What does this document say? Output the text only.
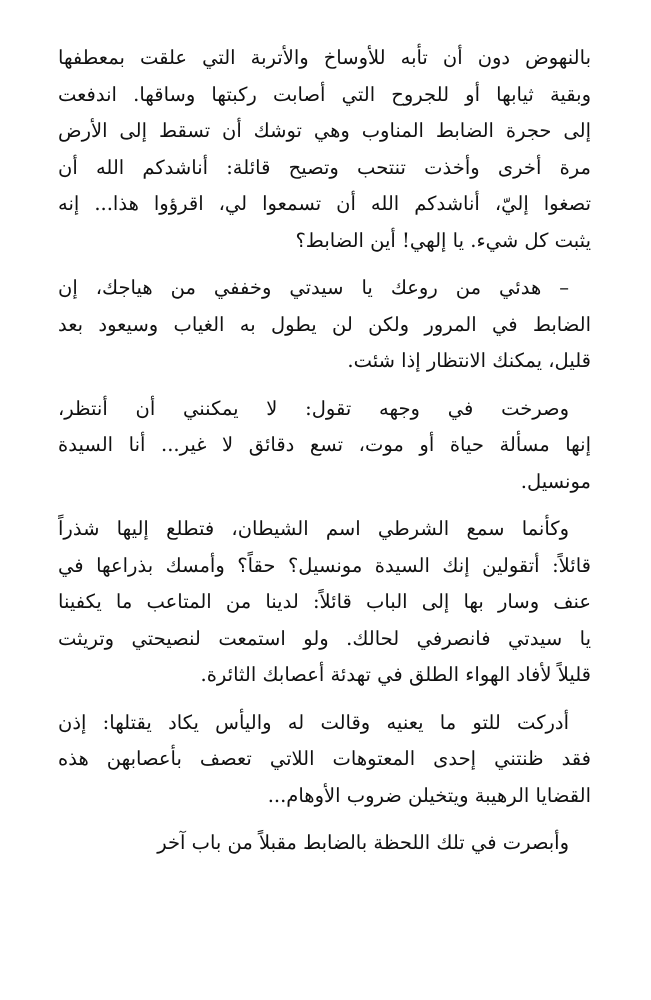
بالنهوض دون أن تأبه للأوساخ والأتربة التي علقت بمعطفها
وبقية ثيابها أو للجروح التي أصابت ركبتها وساقها. اندفعت
إلى حجرة الضابط المناوب وهي توشك أن تسقط إلى الأرض
مرة أخرى وأخذت تنتحب وتصيح قائلة: أناشدكم الله أن
تصغوا إليّ، أناشدكم الله أن تسمعوا لي، اقرؤوا هذا... إنه
يثبت كل شيء. يا إلهي! أين الضابط؟
– هدئي من روعك يا سيدتي وخففي من هياجك، إن
الضابط في المرور ولكن لن يطول به الغياب وسيعود بعد
قليل، يمكنك الانتظار إذا شئت.
وصرخت في وجهه تقول: لا يمكنني أن أنتظر،
إنها مسألة حياة أو موت، تسع دقائق لا غير... أنا السيدة
مونسيل.
وكأنما سمع الشرطي اسم الشيطان، فتطلع إليها شذراً
قائلاً: أتقولين إنك السيدة مونسيل؟ حقاً؟ وأمسك بذراعها في
عنف وسار بها إلى الباب قائلاً: لدينا من المتاعب ما يكفينا
يا سيدتي فانصرفي لحالك. ولو استمعت لنصيحتي وتريثت
قليلاً لأفاد الهواء الطلق في تهدئة أعصابك الثائرة.
أدركت للتو ما يعنيه وقالت له واليأس يكاد يقتلها: إذن
فقد ظنتني إحدى المعتوهات اللاتي تعصف بأعصابهن هذه
القضايا الرهيبة ويتخيلن ضروب الأوهام...
وأبصرت في تلك اللحظة بالضابط مقبلاً من باب آخر
